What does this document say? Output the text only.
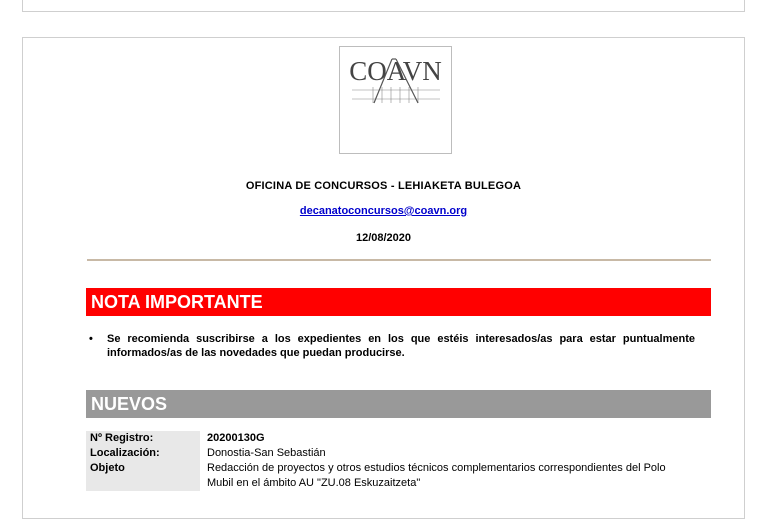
COAVN
OFICINA DE CONCURSOS - LEHIAKETA BULEGOA
decanatoconcursos@coavn.org
12/08/2020
NOTA IMPORTANTE
• Se recomienda suscribirse a los expedientes en los que estéis interesados/as para estar puntualmente informados/as de las novedades que puedan producirse.
NUEVOS
Nº Registro:	20200130G
Localización:	Donostia-San Sebastián
Objeto	Redacción de proyectos y otros estudios técnicos complementarios correspondientes del Polo
Mubil en el ámbito AU "ZU.08 Eskuzaitzeta"
